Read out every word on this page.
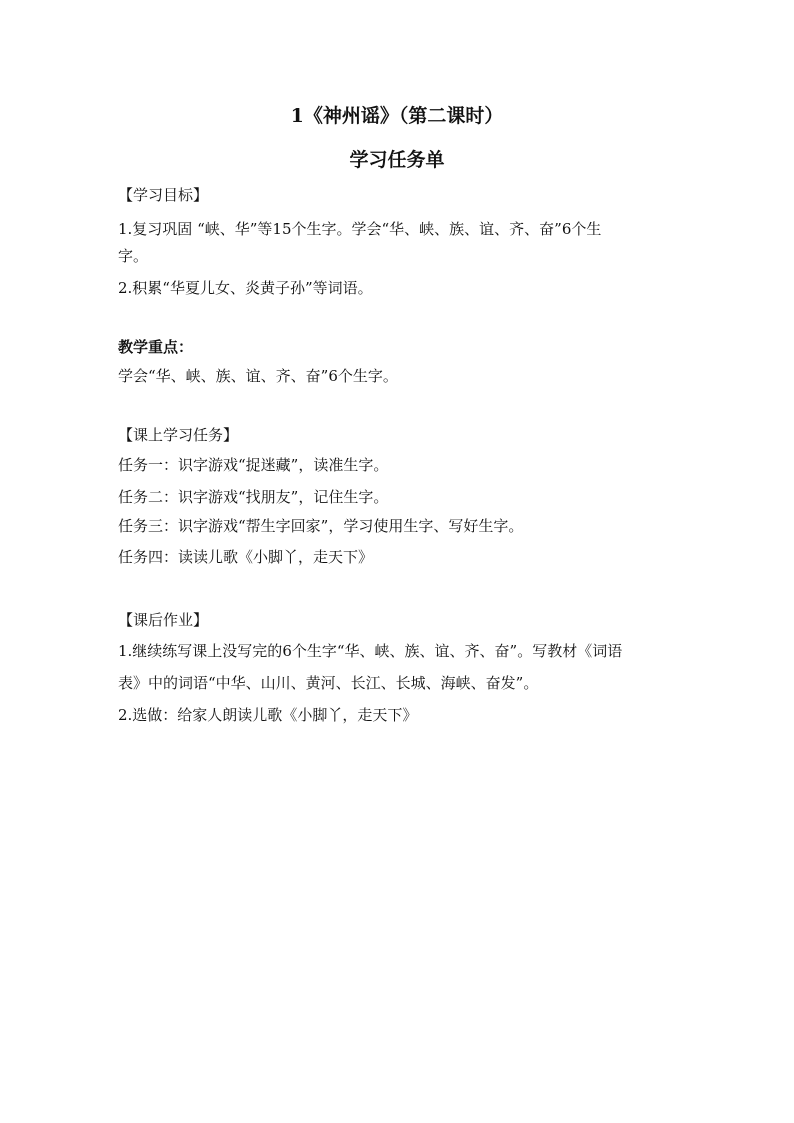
1《神州谣》（第二课时）
学习任务单
【学习目标】
1.复习巩固 “峡、华”等15个生字。学会“华、峡、族、谊、齐、奋”6个生
字。
2.积累“华夏儿女、炎黄子孙”等词语。
教学重点：
学会“华、峡、族、谊、齐、奋”6个生字。
【课上学习任务】
任务一：识字游戏“捉迷藏”，读准生字。
任务二：识字游戏“找朋友”，记住生字。
任务三：识字游戏“帮生字回家”，学习使用生字、写好生字。
任务四：读读儿歌《小脚丫，走天下》
【课后作业】
1.继续练写课上没写完的6个生字“华、峡、族、谊、齐、奋”。写教材《词语
表》中的词语“中华、山川、黄河、长江、长城、海峡、奋发”。
2.选做：给家人朗读儿歌《小脚丫，走天下》
